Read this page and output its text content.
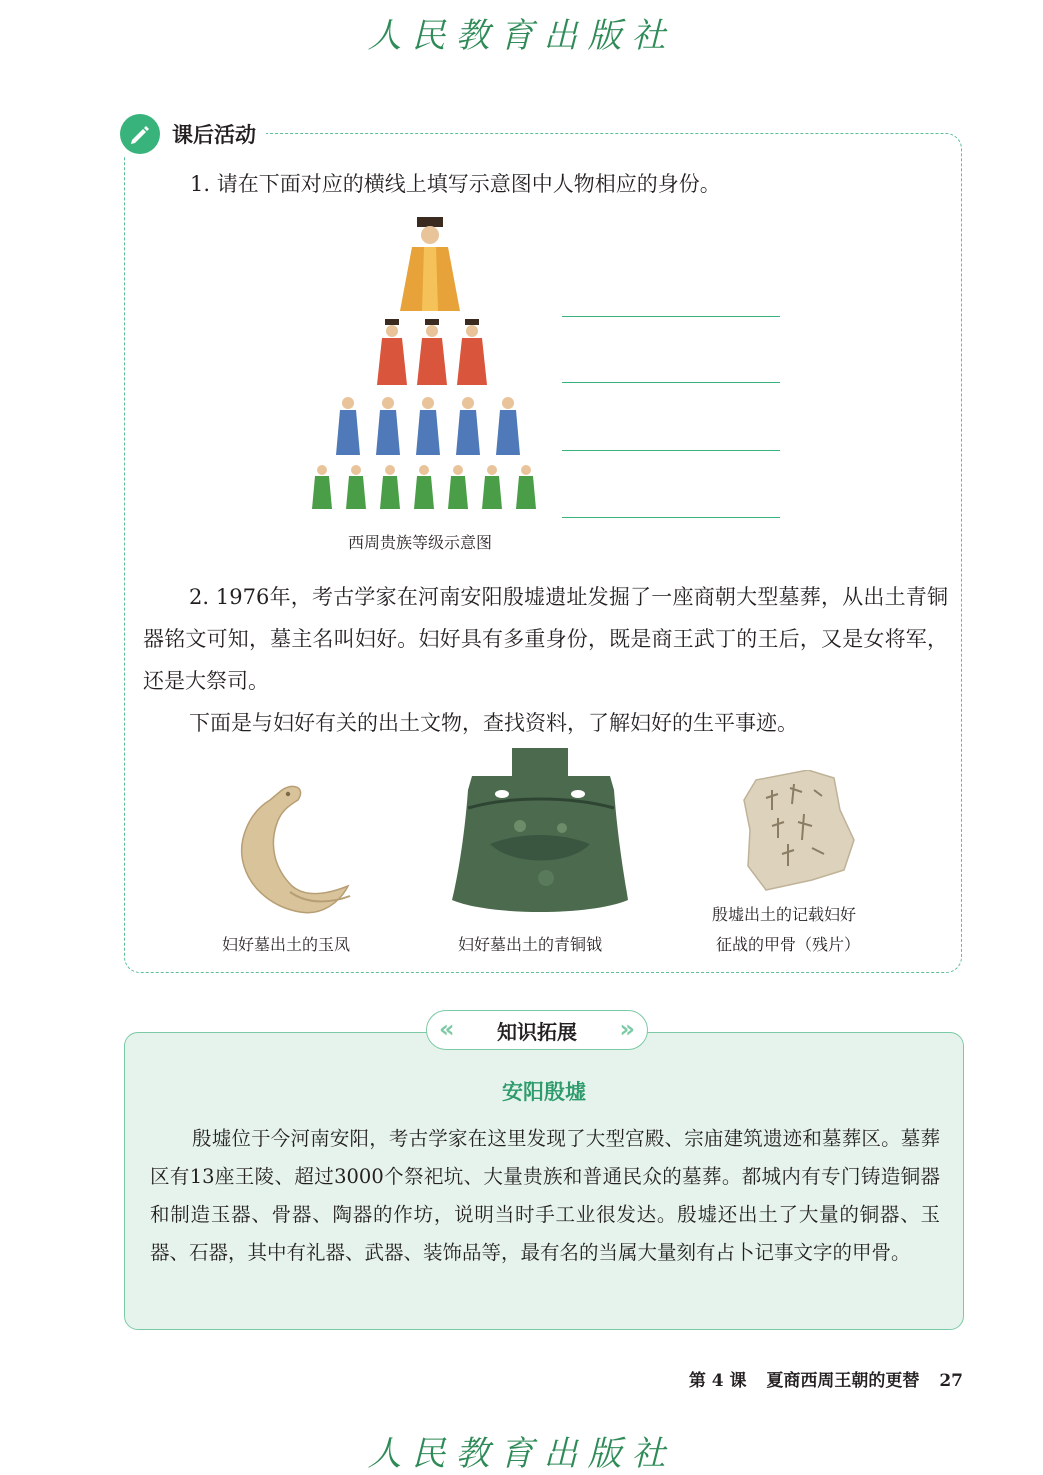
人民教育出版社
课后活动
1. 请在下面对应的横线上填写示意图中人物相应的身份。
西周贵族等级示意图

2. 1976年，考古学家在河南安阳殷墟遗址发掘了一座商朝大型墓葬，从出土青铜器铭文可知，墓主名叫妇好。妇好具有多重身份，既是商王武丁的王后，又是女将军，还是大祭司。

下面是与妇好有关的出土文物，查找资料，了解妇好的生平事迹。

妇好墓出土的玉凤	妇好墓出土的青铜钺
殷墟出土的记载妇好
征战的甲骨（残片）
« 知识拓展 »
安阳殷墟

殷墟位于今河南安阳，考古学家在这里发现了大型宫殿、宗庙建筑遗迹和墓葬区。墓葬区有13座王陵、超过3000个祭祀坑、大量贵族和普通民众的墓葬。都城内有专门铸造铜器和制造玉器、骨器、陶器的作坊，说明当时手工业很发达。殷墟还出土了大量的铜器、玉器、石器，其中有礼器、武器、装饰品等，最有名的当属大量刻有占卜记事文字的甲骨。

第 4 课 夏商西周王朝的更替 27
人民教育出版社
